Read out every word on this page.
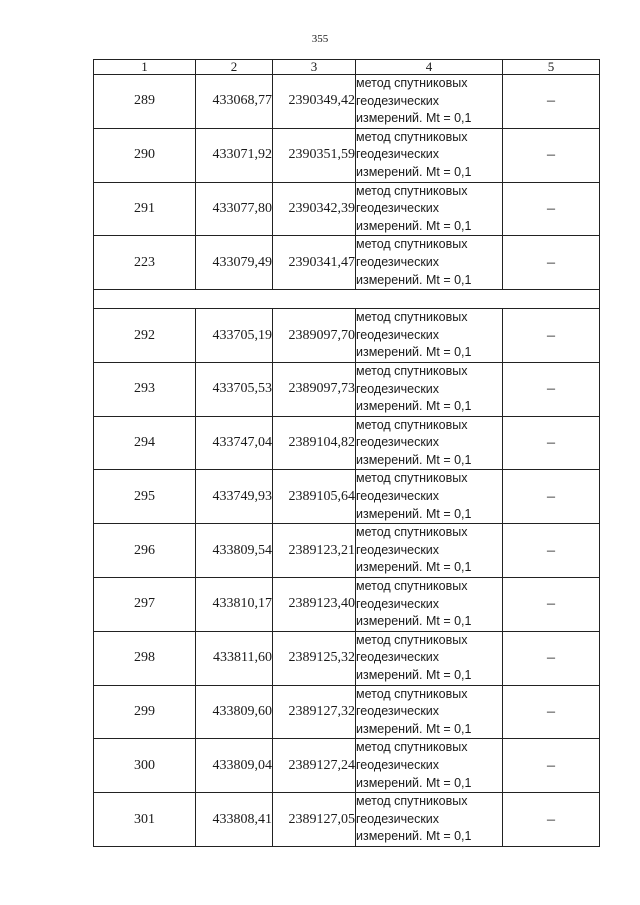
355
1	2	3	4	5
289	433068,77	2390349,42	метод спутниковых
геодезических
измерений. Mt = 0,1	–
290	433071,92	2390351,59	метод спутниковых
геодезических
измерений. Mt = 0,1	–
291	433077,80	2390342,39	метод спутниковых
геодезических
измерений. Mt = 0,1	–
223	433079,49	2390341,47	метод спутниковых
геодезических
измерений. Mt = 0,1	–

292	433705,19	2389097,70	метод спутниковых
геодезических
измерений. Mt = 0,1	–
293	433705,53	2389097,73	метод спутниковых
геодезических
измерений. Mt = 0,1	–
294	433747,04	2389104,82	метод спутниковых
геодезических
измерений. Mt = 0,1	–
295	433749,93	2389105,64	метод спутниковых
геодезических
измерений. Mt = 0,1	–
296	433809,54	2389123,21	метод спутниковых
геодезических
измерений. Mt = 0,1	–
297	433810,17	2389123,40	метод спутниковых
геодезических
измерений. Mt = 0,1	–
298	433811,60	2389125,32	метод спутниковых
геодезических
измерений. Mt = 0,1	–
299	433809,60	2389127,32	метод спутниковых
геодезических
измерений. Mt = 0,1	–
300	433809,04	2389127,24	метод спутниковых
геодезических
измерений. Mt = 0,1	–
301	433808,41	2389127,05	метод спутниковых
геодезических
измерений. Mt = 0,1	–
